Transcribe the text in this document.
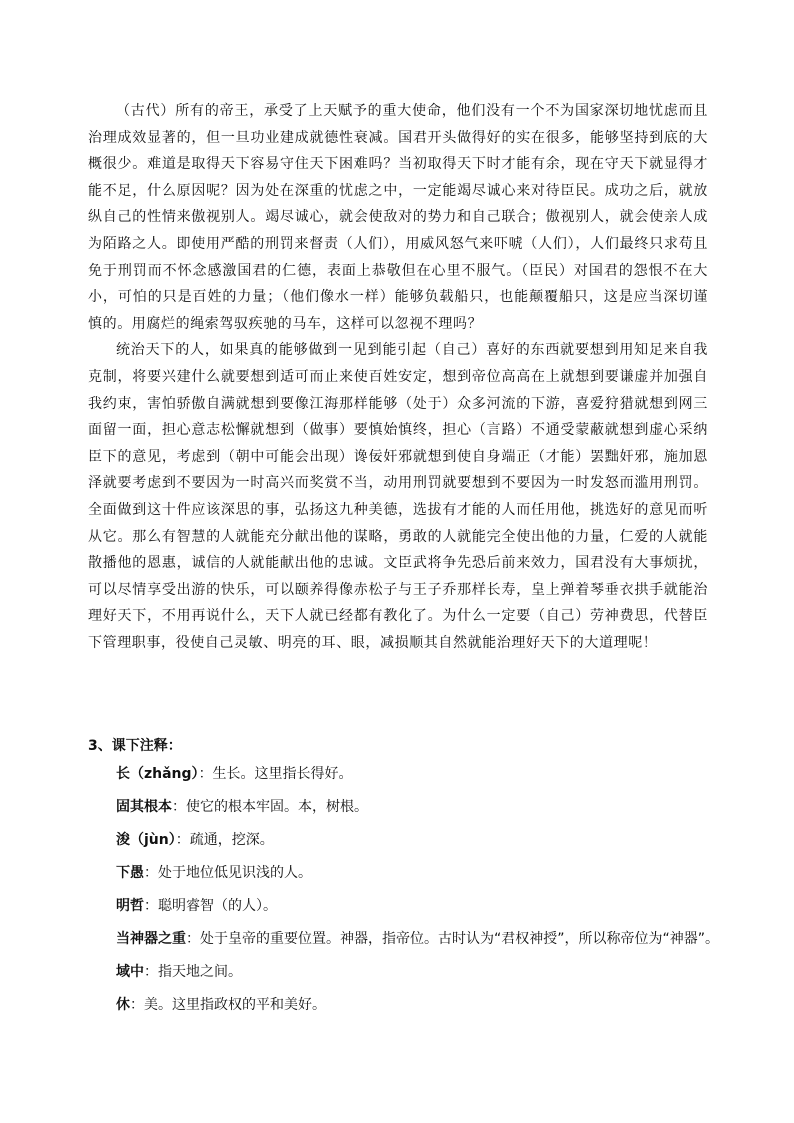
（古代）所有的帝王，承受了上天赋予的重大使命，他们没有一个不为国家深切地忧虑而且治理成效显著的，但一旦功业建成就德性衰减。国君开头做得好的实在很多，能够坚持到底的大概很少。难道是取得天下容易守住天下困难吗？当初取得天下时才能有余，现在守天下就显得才能不足，什么原因呢？因为处在深重的忧虑之中，一定能竭尽诚心来对待臣民。成功之后，就放纵自己的性情来傲视别人。竭尽诚心，就会使敌对的势力和自己联合；傲视别人，就会使亲人成为陌路之人。即使用严酷的刑罚来督责（人们），用威风怒气来吓唬（人们），人们最终只求苟且免于刑罚而不怀念感激国君的仁德，表面上恭敬但在心里不服气。（臣民）对国君的怨恨不在大小，可怕的只是百姓的力量；（他们像水一样）能够负载船只，也能颠覆船只，这是应当深切谨慎的。用腐烂的绳索驾驭疾驰的马车，这样可以忽视不理吗？

统治天下的人，如果真的能够做到一见到能引起（自己）喜好的东西就要想到用知足来自我克制，将要兴建什么就要想到适可而止来使百姓安定，想到帝位高高在上就想到要谦虚并加强自我约束，害怕骄傲自满就想到要像江海那样能够（处于）众多河流的下游，喜爱狩猎就想到网三面留一面，担心意志松懈就想到（做事）要慎始慎终，担心（言路）不通受蒙蔽就想到虚心采纳臣下的意见，考虑到（朝中可能会出现）谗佞奸邪就想到使自身端正（才能）罢黜奸邪，施加恩泽就要考虑到不要因为一时高兴而奖赏不当，动用刑罚就要想到不要因为一时发怒而滥用刑罚。全面做到这十件应该深思的事，弘扬这九种美德，选拔有才能的人而任用他，挑选好的意见而听从它。那么有智慧的人就能充分献出他的谋略，勇敢的人就能完全使出他的力量，仁爱的人就能散播他的恩惠，诚信的人就能献出他的忠诚。文臣武将争先恐后前来效力，国君没有大事烦扰，可以尽情享受出游的快乐，可以颐养得像赤松子与王子乔那样长寿，皇上弹着琴垂衣拱手就能治理好天下，不用再说什么，天下人就已经都有教化了。为什么一定要（自己）劳神费思，代替臣下管理职事，役使自己灵敏、明亮的耳、眼，减损顺其自然就能治理好天下的大道理呢！

3、课下注释：
长（zhǎng）：生长。这里指长得好。
固其根本：使它的根本牢固。本，树根。
浚（jùn）：疏通，挖深。
下愚：处于地位低见识浅的人。
明哲：聪明睿智（的人）。
当神器之重：处于皇帝的重要位置。神器，指帝位。古时认为“君权神授”，所以称帝位为“神器”。
域中：指天地之间。
休：美。这里指政权的平和美好。
